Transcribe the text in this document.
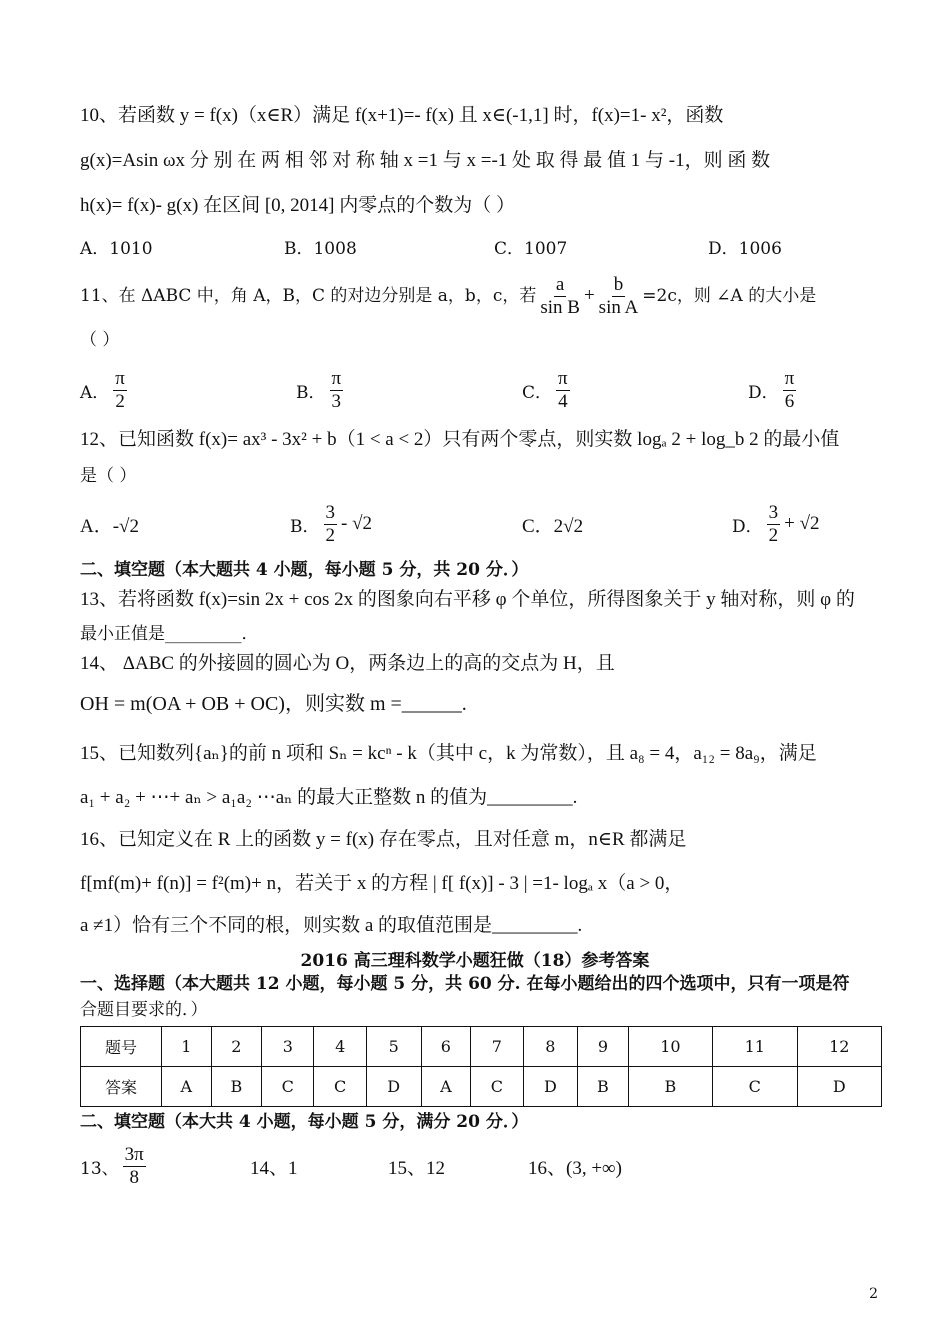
10、若函数 y = f(x)（x∈R）满足 f(x+1)=- f(x) 且 x∈(-1,1] 时，f(x)=1- x²，函数
g(x)=Asin ωx 分 别 在 两 相 邻 对 称 轴 x =1 与 x =-1 处 取 得 最 值 1 与 -1，则 函 数
h(x)= f(x)- g(x) 在区间 [0, 2014] 内零点的个数为（ ）
A．1010	B．1008	C．1007	D．1006
11、在 ΔABC 中，角 A，B，C 的对边分别是 a，b，c，若 $\frac{a}{\text{sin B}} + \frac{b}{\text{sin A}} =2c$，则 ∠A 的大小是
（ ）
A． $\frac{\pi}{2}$	B． $\frac{\pi}{3}$	C． $\frac{\pi}{4}$	D． $\frac{\pi}{6}$
12、已知函数 f(x)= ax³ - 3x² + b（1 < a < 2）只有两个零点，则实数 logₐ 2 + log_b 2 的最小值
是（ ）
A．-√2	B． $\frac{3}{2} - √2$	C．2√2	D． $\frac{3}{2} + √2$
二、填空题（本大题共 4 小题，每小题 5 分，共 20 分．）
13、若将函数 f(x)=sin 2x + cos 2x 的图象向右平移 φ 个单位，所得图象关于 y 轴对称，则 φ 的
最小正值是_________．
14、 ΔABC 的外接圆的圆心为 O，两条边上的高的交点为 H，且
OH = m(OA + OB + OC)，则实数 m =______.
15、已知数列{aₙ}的前 n 项和 Sₙ = kcⁿ - k（其中 c，k 为常数），且 a₈ = 4，a₁₂ = 8a₉，满足
a₁ + a₂ + ⋯+ aₙ > a₁a₂ ⋯aₙ 的最大正整数 n 的值为_________.
16、已知定义在 R 上的函数 y = f(x) 存在零点，且对任意 m，n∈R 都满足
f[mf(m)+ f(n)] = f²(m)+ n，若关于 x 的方程 | f[ f(x)] - 3 | =1- logₐ x（a > 0，
a ≠1）恰有三个不同的根，则实数 a 的取值范围是_________.
2016 高三理科数学小题狂做（18）参考答案
一、选择题（本大题共 12 小题，每小题 5 分，共 60 分. 在每小题给出的四个选项中，只有一项是符
合题目要求的．）
题号	1	2	3	4	5	6	7	8	9	10	11	12
答案	A	B	C	C	D	A	C	D	B	B	C	D
二、填空题（本大共 4 小题，每小题 5 分，满分 20 分．）
13、 $\frac{3\pi}{8}$	14、1	15、12	16、(3, +∞)
2
